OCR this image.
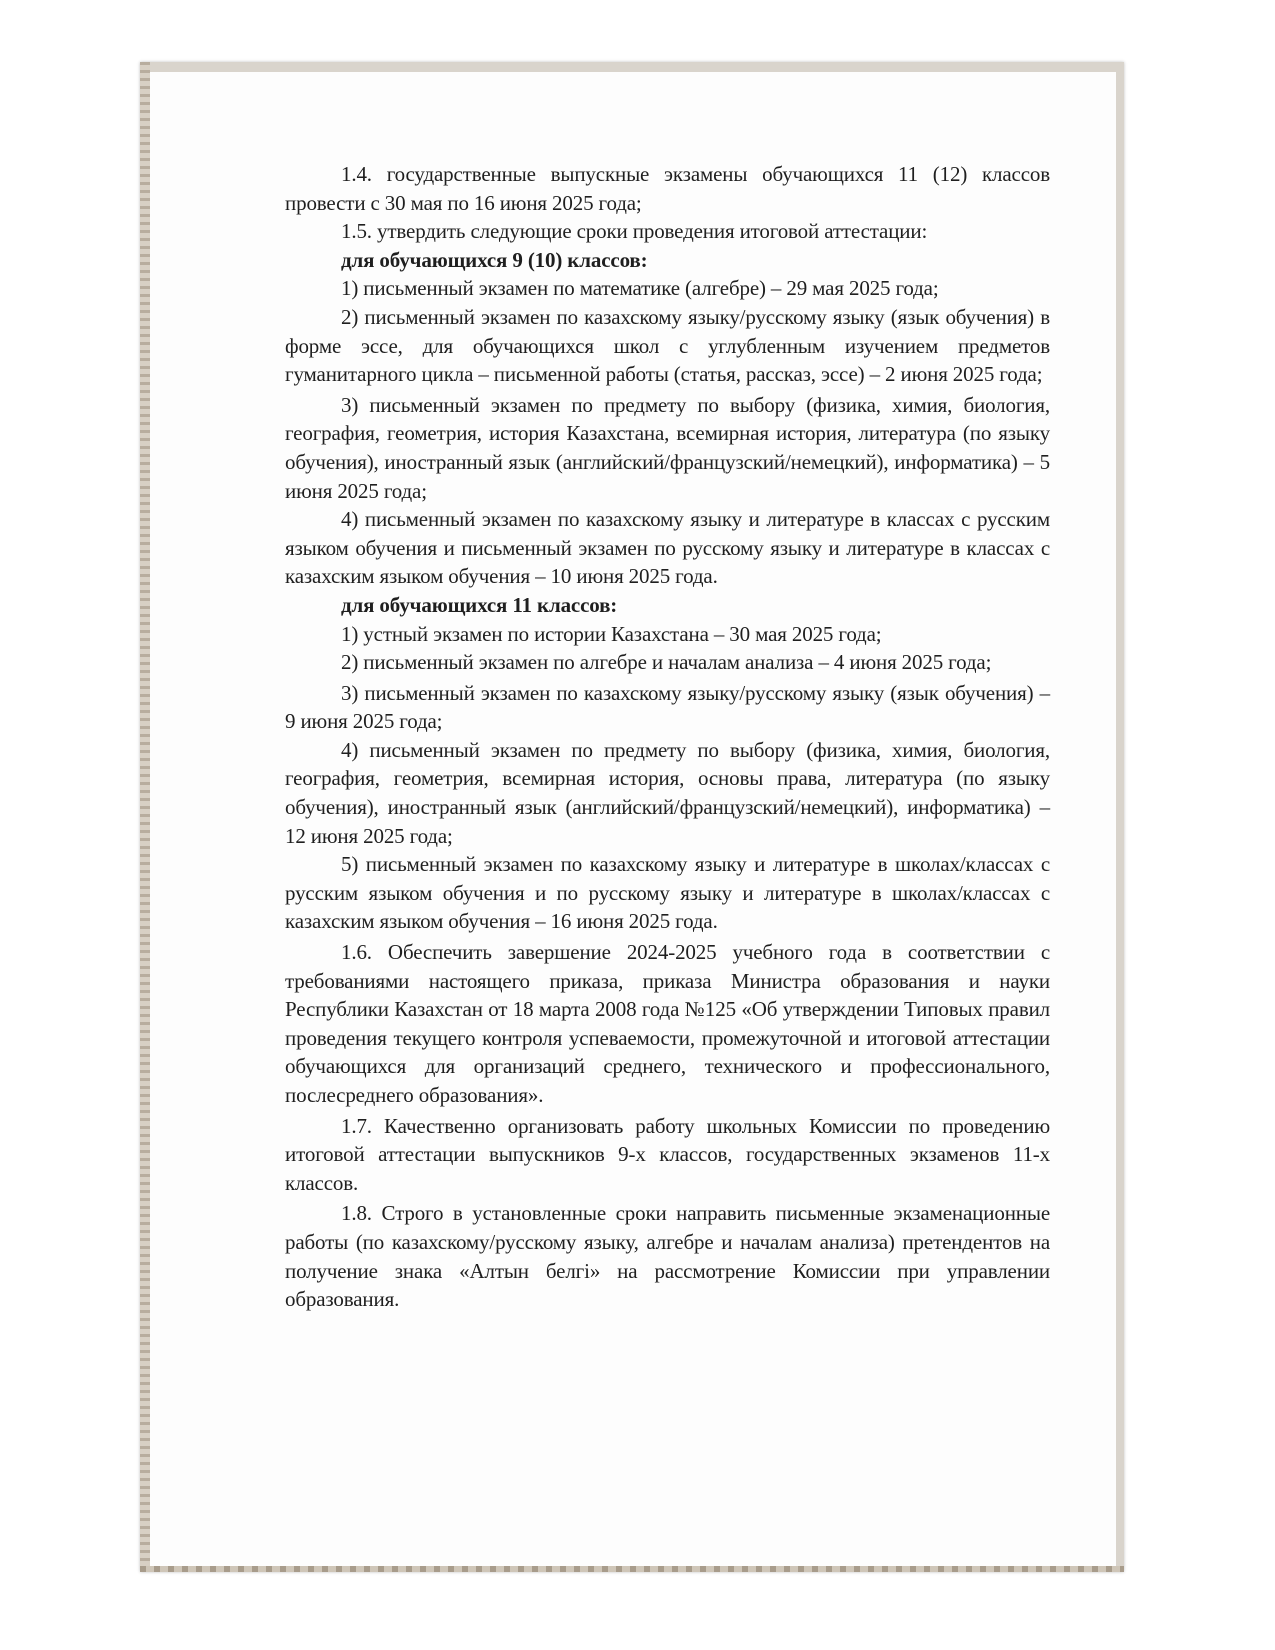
1.4. государственные выпускные экзамены обучающихся 11 (12) классов провести с 30 мая по 16 июня 2025 года;

1.5. утвердить следующие сроки проведения итоговой аттестации:

для обучающихся 9 (10) классов:

1) письменный экзамен по математике (алгебре) – 29 мая 2025 года;

2) письменный экзамен по казахскому языку/русскому языку (язык обучения) в форме эссе, для обучающихся школ с углубленным изучением предметов гуманитарного цикла – письменной работы (статья, рассказ, эссе) – 2 июня 2025 года;

3) письменный экзамен по предмету по выбору (физика, химия, биология, география, геометрия, история Казахстана, всемирная история, литература (по языку обучения), иностранный язык (английский/французский/немецкий), информатика) – 5 июня 2025 года;

4) письменный экзамен по казахскому языку и литературе в классах с русским языком обучения и письменный экзамен по русскому языку и литературе в классах с казахским языком обучения – 10 июня 2025 года.

для обучающихся 11 классов:

1) устный экзамен по истории Казахстана – 30 мая 2025 года;

2) письменный экзамен по алгебре и началам анализа – 4 июня 2025 года;

3) письменный экзамен по казахскому языку/русскому языку (язык обучения) – 9 июня 2025 года;

4) письменный экзамен по предмету по выбору (физика, химия, биология, география, геометрия, всемирная история, основы права, литература (по языку обучения), иностранный язык (английский/французский/немецкий), информатика) – 12 июня 2025 года;

5) письменный экзамен по казахскому языку и литературе в школах/классах с русским языком обучения и по русскому языку и литературе в школах/классах с казахским языком обучения – 16 июня 2025 года.

1.6. Обеспечить завершение 2024-2025 учебного года в соответствии с требованиями настоящего приказа, приказа Министра образования и науки Республики Казахстан от 18 марта 2008 года №125 «Об утверждении Типовых правил проведения текущего контроля успеваемости, промежуточной и итоговой аттестации обучающихся для организаций среднего, технического и профессионального, послесреднего образования».

1.7. Качественно организовать работу школьных Комиссии по проведению итоговой аттестации выпускников 9-х классов, государственных экзаменов 11-х классов.

1.8. Строго в установленные сроки направить письменные экзаменационные работы (по казахскому/русскому языку, алгебре и началам анализа) претендентов на получение знака «Алтын белгі» на рассмотрение Комиссии при управлении образования.
